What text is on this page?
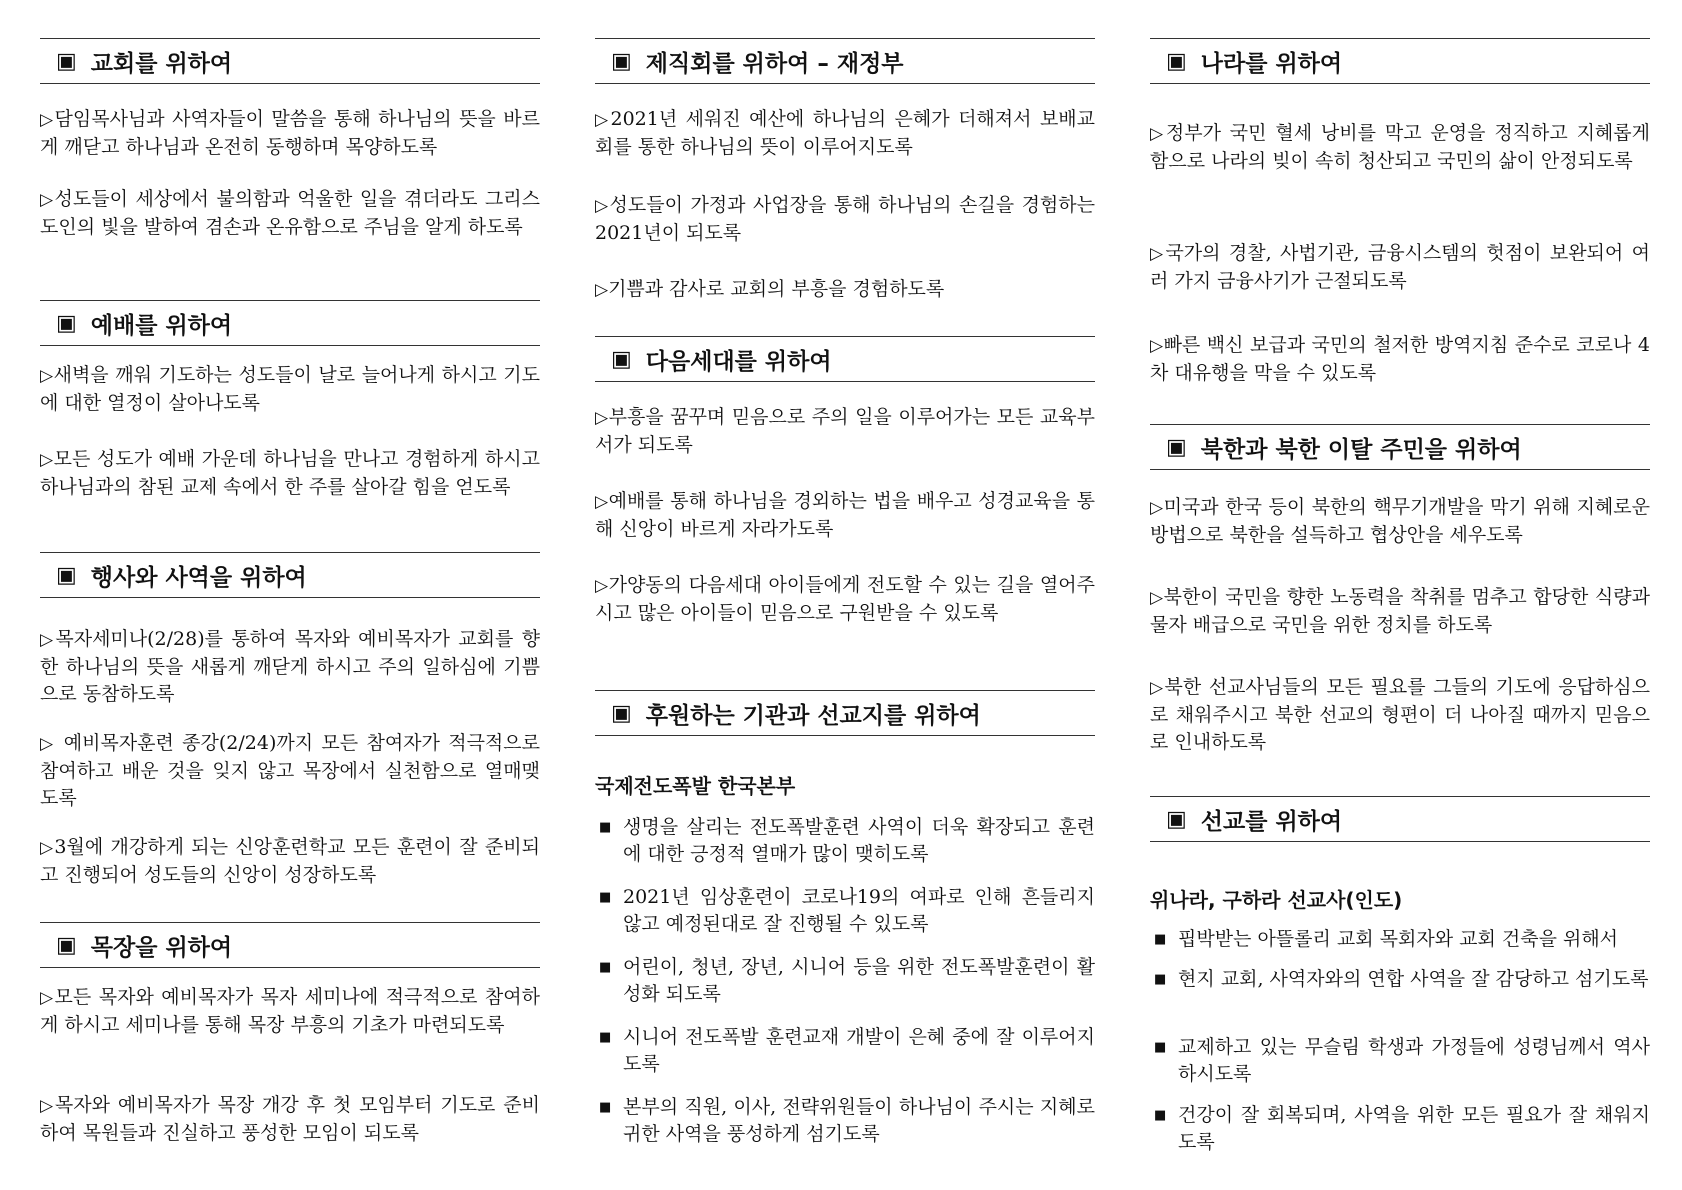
▣ 교회를 위하여
▷담임목사님과 사역자들이 말씀을 통해 하나님의 뜻을 바르게 깨닫고 하나님과 온전히 동행하며 목양하도록
▷성도들이 세상에서 불의함과 억울한 일을 겪더라도 그리스도인의 빛을 발하여 겸손과 온유함으로 주님을 알게 하도록
▣ 예배를 위하여
▷새벽을 깨워 기도하는 성도들이 날로 늘어나게 하시고 기도에 대한 열정이 살아나도록
▷모든 성도가 예배 가운데 하나님을 만나고 경험하게 하시고 하나님과의 참된 교제 속에서 한 주를 살아갈 힘을 얻도록
▣ 행사와 사역을 위하여
▷목자세미나(2/28)를 통하여 목자와 예비목자가 교회를 향한 하나님의 뜻을 새롭게 깨닫게 하시고 주의 일하심에 기쁨으로 동참하도록
▷ 예비목자훈련 종강(2/24)까지 모든 참여자가 적극적으로 참여하고 배운 것을 잊지 않고 목장에서 실천함으로 열매맺도록
▷3월에 개강하게 되는 신앙훈련학교 모든 훈련이 잘 준비되고 진행되어 성도들의 신앙이 성장하도록
▣ 목장을 위하여
▷모든 목자와 예비목자가 목자 세미나에 적극적으로 참여하게 하시고 세미나를 통해 목장 부흥의 기초가 마련되도록
▷목자와 예비목자가 목장 개강 후 첫 모임부터 기도로 준비하여 목원들과 진실하고 풍성한 모임이 되도록
▣ 제직회를 위하여 – 재정부
▷2021년 세워진 예산에 하나님의 은혜가 더해져서 보배교회를 통한 하나님의 뜻이 이루어지도록
▷성도들이 가정과 사업장을 통해 하나님의 손길을 경험하는 2021년이 되도록
▷기쁨과 감사로 교회의 부흥을 경험하도록
▣ 다음세대를 위하여
▷부흥을 꿈꾸며 믿음으로 주의 일을 이루어가는 모든 교육부서가 되도록
▷예배를 통해 하나님을 경외하는 법을 배우고 성경교육을 통해 신앙이 바르게 자라가도록
▷가양동의 다음세대 아이들에게 전도할 수 있는 길을 열어주시고 많은 아이들이 믿음으로 구원받을 수 있도록
▣ 후원하는 기관과 선교지를 위하여
국제전도폭발 한국본부
■ 생명을 살리는 전도폭발훈련 사역이 더욱 확장되고 훈련에 대한 긍정적 열매가 많이 맺히도록
■ 2021년 임상훈련이 코로나19의 여파로 인해 흔들리지 않고 예정된대로 잘 진행될 수 있도록
■ 어린이, 청년, 장년, 시니어 등을 위한 전도폭발훈련이 활성화 되도록
■ 시니어 전도폭발 훈련교재 개발이 은혜 중에 잘 이루어지도록
■ 본부의 직원, 이사, 전략위원들이 하나님이 주시는 지혜로 귀한 사역을 풍성하게 섬기도록
▣ 나라를 위하여
▷정부가 국민 혈세 낭비를 막고 운영을 정직하고 지혜롭게 함으로 나라의 빚이 속히 청산되고 국민의 삶이 안정되도록
▷국가의 경찰, 사법기관, 금융시스템의 헛점이 보완되어 여러 가지 금융사기가 근절되도록
▷빠른 백신 보급과 국민의 철저한 방역지침 준수로 코로나 4차 대유행을 막을 수 있도록
▣ 북한과 북한 이탈 주민을 위하여
▷미국과 한국 등이 북한의 핵무기개발을 막기 위해 지혜로운 방법으로 북한을 설득하고 협상안을 세우도록
▷북한이 국민을 향한 노동력을 착취를 멈추고 합당한 식량과 물자 배급으로 국민을 위한 정치를 하도록
▷북한 선교사님들의 모든 필요를 그들의 기도에 응답하심으로 채워주시고 북한 선교의 형편이 더 나아질 때까지 믿음으로 인내하도록
▣ 선교를 위하여
위나라, 구하라 선교사(인도)
■ 핍박받는 아뜰롤리 교회 목회자와 교회 건축을 위해서
■ 현지 교회, 사역자와의 연합 사역을 잘 감당하고 섬기도록
■ 교제하고 있는 무슬림 학생과 가정들에 성령님께서 역사하시도록
■ 건강이 잘 회복되며, 사역을 위한 모든 필요가 잘 채워지도록
